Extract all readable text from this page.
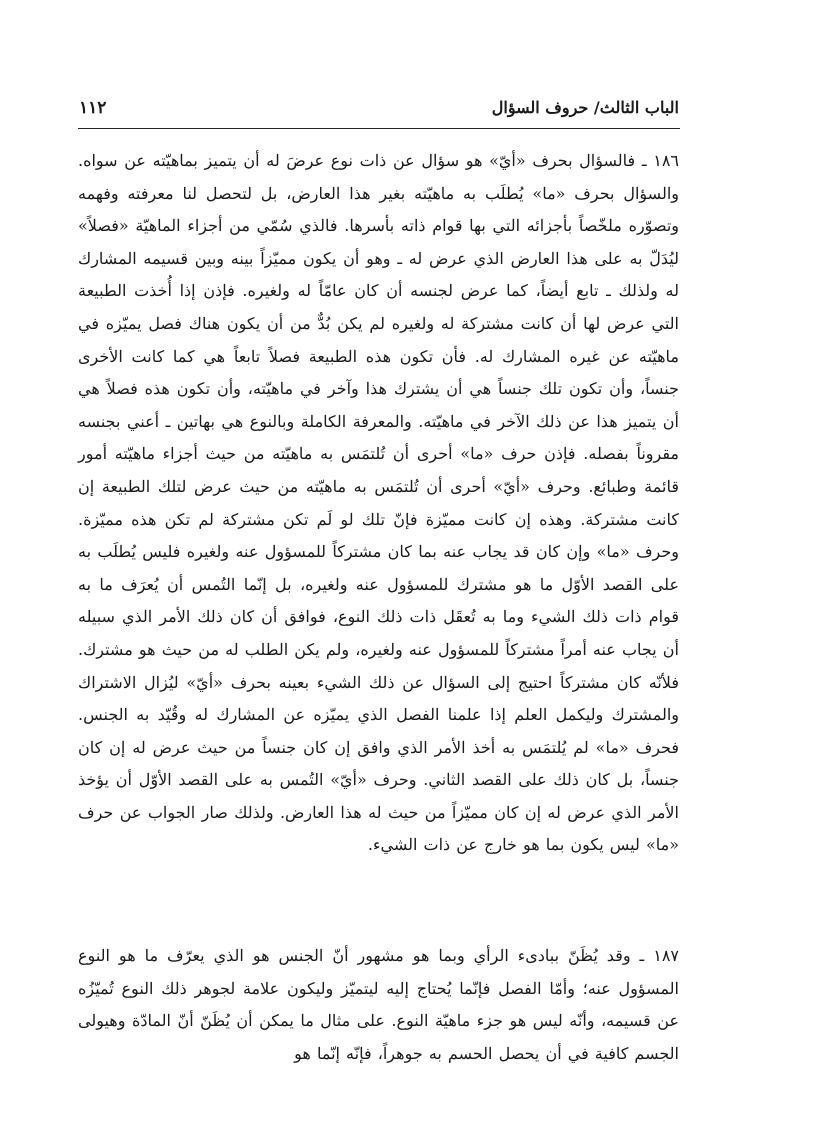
الباب الثالث/ حروف السؤال
١١٢
١٨٦ ـ فالسؤال بحرف «أيّ» هو سؤال عن ذات نوع عرضَ له أن يتميز بماهيّته عن سواه. والسؤال بحرف «ما» يُطلَب به ماهيّته بغير هذا العارض، بل لتحصل لنا معرفته وفهمه وتصوّره ملخّصاً بأجزائه التي بها قوام ذاته بأسرها. فالذي سُمّي من أجزاء الماهيّة «فصلاً» ليُدَلّ به على هذا العارض الذي عرض له ـ وهو أن يكون مميّزاً بينه وبين قسيمه المشارك له ولذلك ـ تابع أيضاً، كما عرض لجنسه أن كان عامّاً له ولغيره. فإذن إذا أُخذت الطبيعة التي عرض لها أن كانت مشتركة له ولغيره لم يكن بُدٌّ من أن يكون هناك فصل يميّزه في ماهيّته عن غيره المشارك له. فأن تكون هذه الطبيعة فصلاً تابعاً هي كما كانت الأخرى جنساً، وأن تكون تلك جنساً هي أن يشترك هذا وآخر في ماهيّته، وأن تكون هذه فصلاً هي أن يتميز هذا عن ذلك الآخر في ماهيّته. والمعرفة الكاملة وبالنوع هي بهاتين ـ أعني بجنسه مقروناً بفصله. فإذن حرف «ما» أحرى أن تُلتمَس به ماهيّته من حيث أجزاء ماهيّته أمور قائمة وطبائع. وحرف «أيّ» أحرى أن تُلتمَس به ماهيّته من حيث عرض لتلك الطبيعة إن كانت مشتركة. وهذه إن كانت مميّزة فإنّ تلك لو لَم تكن مشتركة لم تكن هذه مميّزة. وحرف «ما» وإن كان قد يجاب عنه بما كان مشتركاً للمسؤول عنه ولغيره فليس يُطلَب به على القصد الأوّل ما هو مشترك للمسؤول عنه ولغيره، بل إنّما التُمس أن يُعرَف ما به قوام ذات ذلك الشيء وما به تُعقَل ذات ذلك النوع، فوافق أن كان ذلك الأمر الذي سبيله أن يجاب عنه أمراً مشتركاً للمسؤول عنه ولغيره، ولم يكن الطلب له من حيث هو مشترك. فلأنّه كان مشتركاً احتيج إلى السؤال عن ذلك الشيء بعينه بحرف «أيّ» ليُزال الاشتراك والمشترك وليكمل العلم إذا علمنا الفصل الذي يميّزه عن المشارك له وقُيّد به الجنس. فحرف «ما» لم يُلتمَس به أخذ الأمر الذي وافق إن كان جنساً من حيث عرض له إن كان جنساً، بل كان ذلك على القصد الثاني. وحرف «أيّ» التُمس به على القصد الأوّل أن يؤخذ الأمر الذي عرض له إن كان مميّزاً من حيث له هذا العارض. ولذلك صار الجواب عن حرف «ما» ليس يكون بما هو خارج عن ذات الشيء.
١٨٧ ـ وقد يُظَنّ ببادىء الرأي وبما هو مشهور أنّ الجنس هو الذي يعرّف ما هو النوع المسؤول عنه؛ وأمّا الفصل فإنّما يُحتاج إليه ليتميّز وليكون علامة لجوهر ذلك النوع تُميّزُه عن قسيمه، وأنّه ليس هو جزء ماهيّة النوع. على مثال ما يمكن أن يُظَنّ أنّ المادّة وهيولى الجسم كافية في أن يحصل الحسم به جوهراً، فإنّه إنّما هو
